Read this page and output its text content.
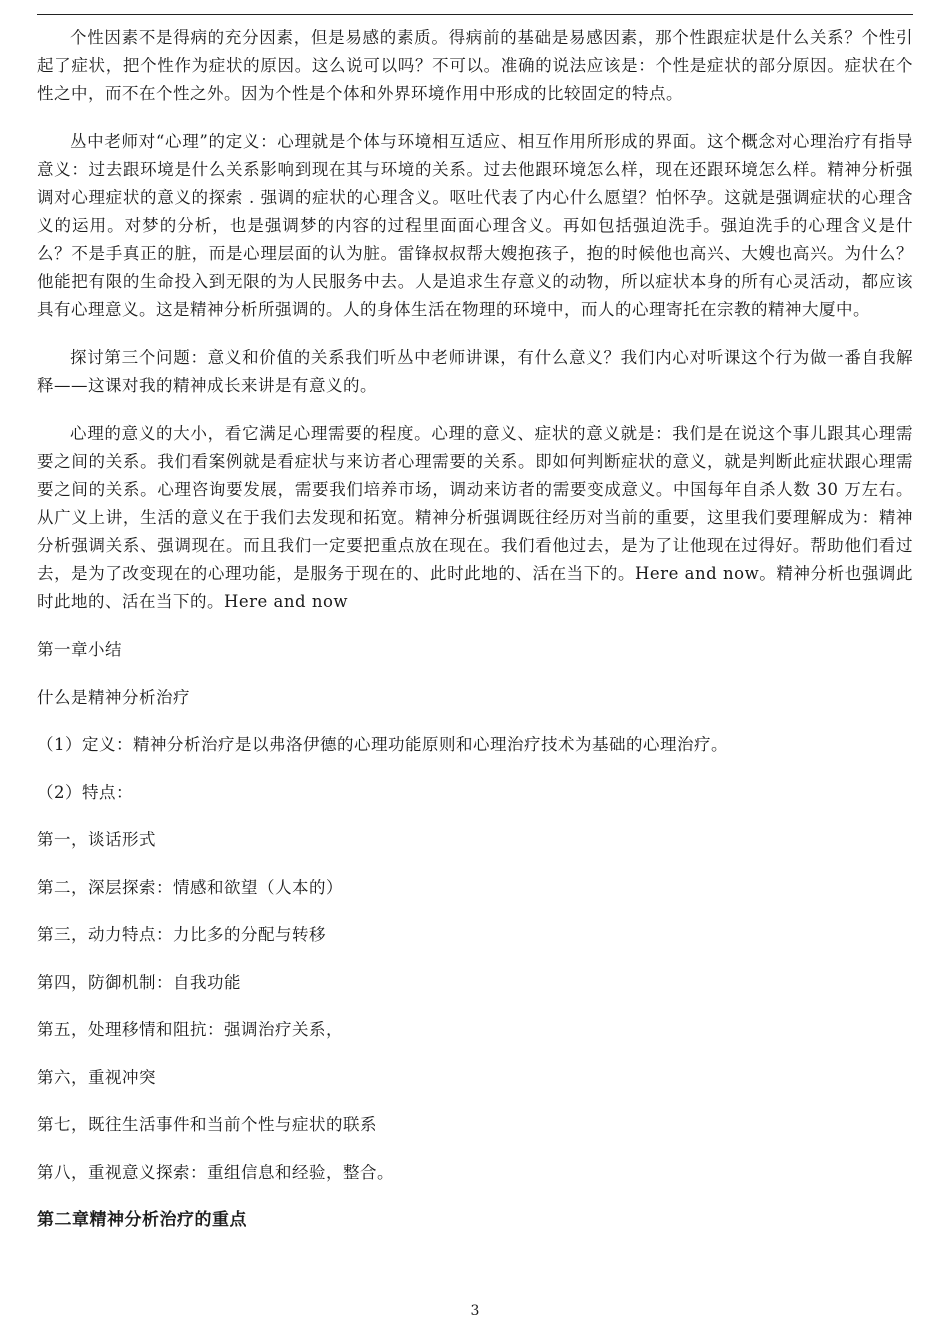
个性因素不是得病的充分因素，但是易感的素质。得病前的基础是易感因素，那个性跟症状是什么关系？个性引起了症状，把个性作为症状的原因。这么说可以吗？不可以。准确的说法应该是：个性是症状的部分原因。症状在个性之中，而不在个性之外。因为个性是个体和外界环境作用中形成的比较固定的特点。

丛中老师对“心理”的定义：心理就是个体与环境相互适应、相互作用所形成的界面。这个概念对心理治疗有指导意义：过去跟环境是什么关系影响到现在其与环境的关系。过去他跟环境怎么样，现在还跟环境怎么样。精神分析强调对心理症状的意义的探索 . 强调的症状的心理含义。呕吐代表了内心什么愿望？怕怀孕。这就是强调症状的心理含义的运用。对梦的分析，也是强调梦的内容的过程里面面心理含义。再如包括强迫洗手。强迫洗手的心理含义是什么？不是手真正的脏，而是心理层面的认为脏。雷锋叔叔帮大嫂抱孩子，抱的时候他也高兴、大嫂也高兴。为什么？他能把有限的生命投入到无限的为人民服务中去。人是追求生存意义的动物，所以症状本身的所有心灵活动，都应该具有心理意义。这是精神分析所强调的。人的身体生活在物理的环境中，而人的心理寄托在宗教的精神大厦中。

探讨第三个问题：意义和价值的关系我们听丛中老师讲课，有什么意义？我们内心对听课这个行为做一番自我解释——这课对我的精神成长来讲是有意义的。

心理的意义的大小，看它满足心理需要的程度。心理的意义、症状的意义就是：我们是在说这个事儿跟其心理需要之间的关系。我们看案例就是看症状与来访者心理需要的关系。即如何判断症状的意义，就是判断此症状跟心理需要之间的关系。心理咨询要发展，需要我们培养市场，调动来访者的需要变成意义。中国每年自杀人数 30 万左右。从广义上讲，生活的意义在于我们去发现和拓宽。精神分析强调既往经历对当前的重要，这里我们要理解成为：精神分析强调关系、强调现在。而且我们一定要把重点放在现在。我们看他过去，是为了让他现在过得好。帮助他们看过去，是为了改变现在的心理功能，是服务于现在的、此时此地的、活在当下的。Here and now。精神分析也强调此时此地的、活在当下的。Here and now

第一章小结

什么是精神分析治疗

（1）定义：精神分析治疗是以弗洛伊德的心理功能原则和心理治疗技术为基础的心理治疗。

（2）特点：

第一，谈话形式

第二，深层探索：情感和欲望（人本的）

第三，动力特点：力比多的分配与转移

第四，防御机制：自我功能

第五，处理移情和阻抗：强调治疗关系，

第六，重视冲突

第七，既往生活事件和当前个性与症状的联系

第八，重视意义探索：重组信息和经验，整合。

第二章精神分析治疗的重点

3
